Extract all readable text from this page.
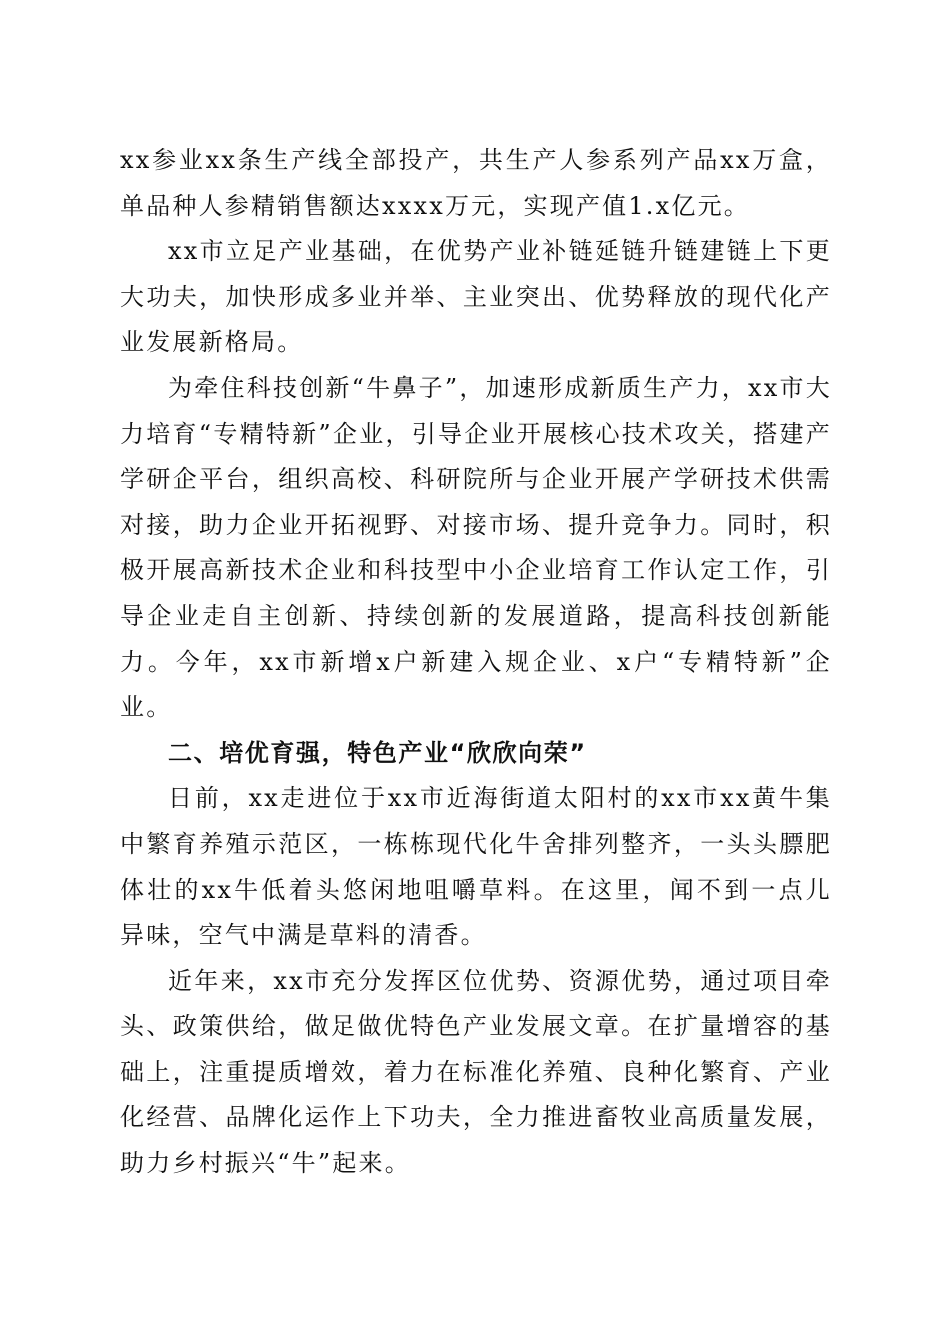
xx参业xx条生产线全部投产，共生产人参系列产品xx万盒，单品种人参精销售额达xxxx万元，实现产值1.x亿元。

xx市立足产业基础，在优势产业补链延链升链建链上下更大功夫，加快形成多业并举、主业突出、优势释放的现代化产业发展新格局。

为牵住科技创新“牛鼻子”，加速形成新质生产力，xx市大力培育“专精特新”企业，引导企业开展核心技术攻关，搭建产学研企平台，组织高校、科研院所与企业开展产学研技术供需对接，助力企业开拓视野、对接市场、提升竞争力。同时，积极开展高新技术企业和科技型中小企业培育工作认定工作，引导企业走自主创新、持续创新的发展道路，提高科技创新能力。今年，xx市新增x户新建入规企业、x户“专精特新”企业。

二、培优育强，特色产业“欣欣向荣”

日前，xx走进位于xx市近海街道太阳村的xx市xx黄牛集中繁育养殖示范区，一栋栋现代化牛舍排列整齐，一头头膘肥体壮的xx牛低着头悠闲地咀嚼草料。在这里，闻不到一点儿异味，空气中满是草料的清香。

近年来，xx市充分发挥区位优势、资源优势，通过项目牵头、政策供给，做足做优特色产业发展文章。在扩量增容的基础上，注重提质增效，着力在标准化养殖、良种化繁育、产业化经营、品牌化运作上下功夫，全力推进畜牧业高质量发展，助力乡村振兴“牛”起来。
